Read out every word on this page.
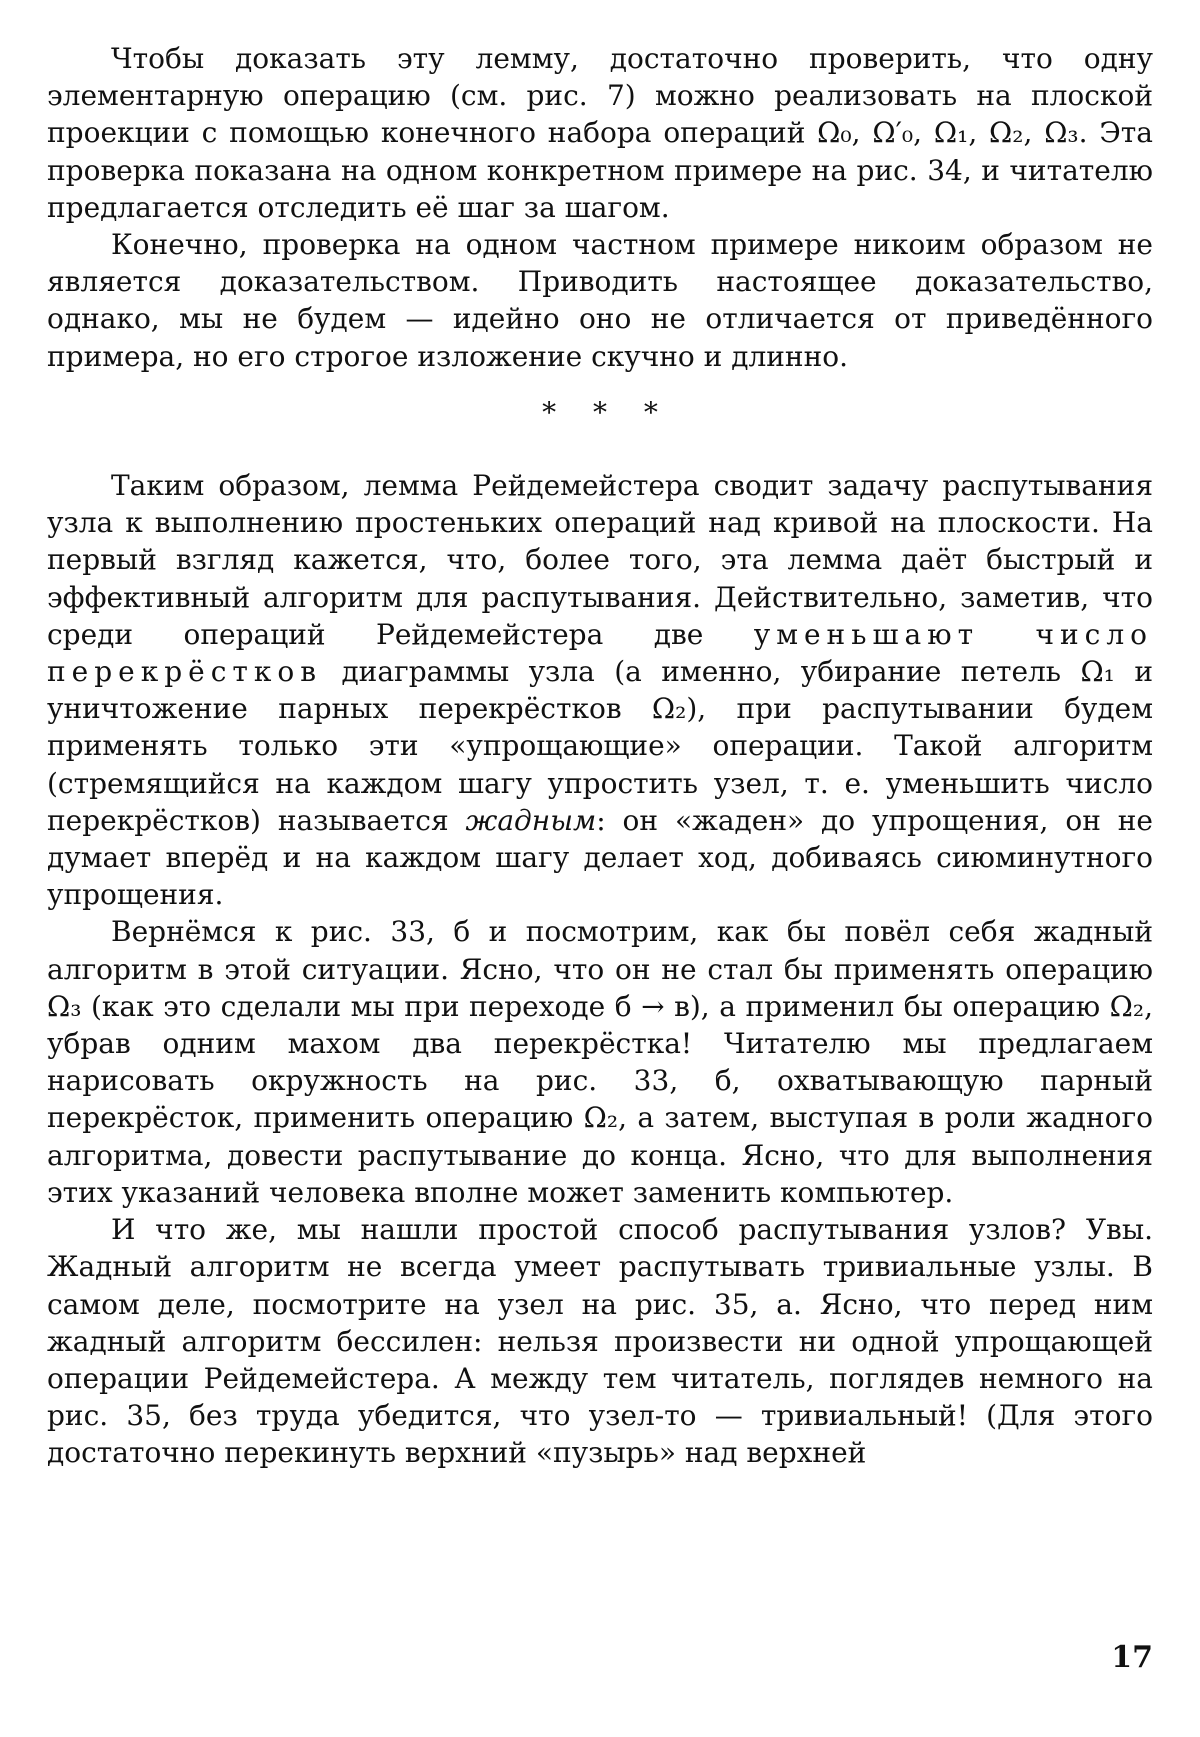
Чтобы доказать эту лемму, достаточно проверить, что одну элементарную операцию (см. рис. 7) можно реализовать на плоской проекции с помощью конечного набора операций Ω₀, Ω′₀, Ω₁, Ω₂, Ω₃. Эта проверка показана на одном конкретном примере на рис. 34, и читателю предлагается отследить её шаг за шагом.

Конечно, проверка на одном частном примере никоим образом не является доказательством. Приводить настоящее доказательство, однако, мы не будем — идейно оно не отличается от приведённого примера, но его строгое изложение скучно и длинно.

* * *

Таким образом, лемма Рейдемейстера сводит задачу распутывания узла к выполнению простеньких операций над кривой на плоскости. На первый взгляд кажется, что, более того, эта лемма даёт быстрый и эффективный алгоритм для распутывания. Действительно, заметив, что среди операций Рейдемейстера две уменьшают число перекрёстков диаграммы узла (а именно, убирание петель Ω₁ и уничтожение парных перекрёстков Ω₂), при распутывании будем применять только эти «упрощающие» операции. Такой алгоритм (стремящийся на каждом шагу упростить узел, т. е. уменьшить число перекрёстков) называется жадным: он «жаден» до упрощения, он не думает вперёд и на каждом шагу делает ход, добиваясь сиюминутного упрощения.

Вернёмся к рис. 33, б и посмотрим, как бы повёл себя жадный алгоритм в этой ситуации. Ясно, что он не стал бы применять операцию Ω₃ (как это сделали мы при переходе б → в), а применил бы операцию Ω₂, убрав одним махом два перекрёстка! Читателю мы предлагаем нарисовать окружность на рис. 33, б, охватывающую парный перекрёсток, применить операцию Ω₂, а затем, выступая в роли жадного алгоритма, довести распутывание до конца. Ясно, что для выполнения этих указаний человека вполне может заменить компьютер.

И что же, мы нашли простой способ распутывания узлов? Увы. Жадный алгоритм не всегда умеет распутывать тривиальные узлы. В самом деле, посмотрите на узел на рис. 35, а. Ясно, что перед ним жадный алгоритм бессилен: нельзя произвести ни одной упрощающей операции Рейдемейстера. А между тем читатель, поглядев немного на рис. 35, без труда убедится, что узел-то — тривиальный! (Для этого достаточно перекинуть верхний «пузырь» над верхней

17
